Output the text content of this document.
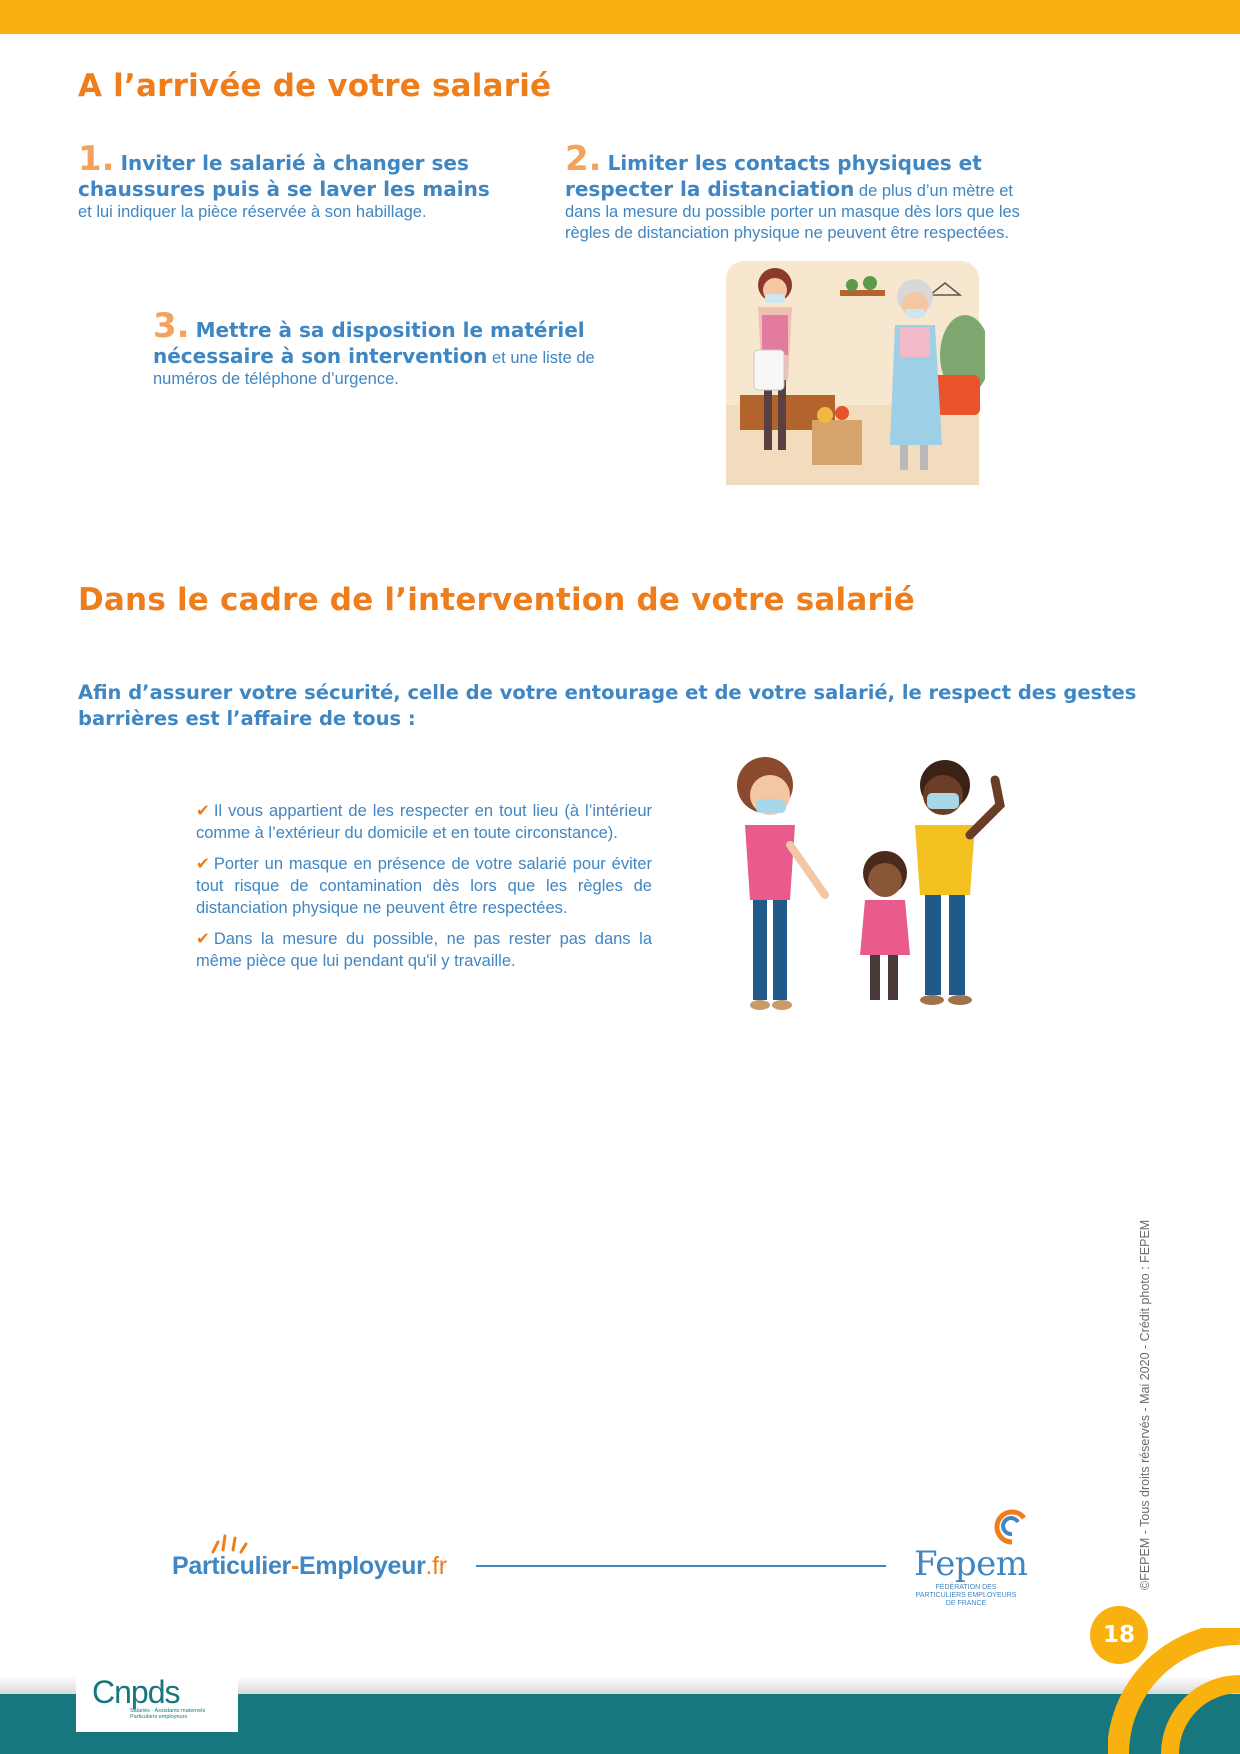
A l’arrivée de votre salarié
1. Inviter le salarié à changer ses chaussures puis à se laver les mains
et lui indiquer la pièce réservée à son habillage.
2. Limiter les contacts physiques et respecter la distanciation de plus d’un mètre et dans la mesure du possible porter un masque dès lors que les règles de distanciation physique ne peuvent être respectées.
3. Mettre à sa disposition le matériel nécessaire à son intervention et une liste de numéros de téléphone d’urgence.
Dans le cadre de l’intervention de votre salarié

Afin d’assurer votre sécurité, celle de votre entourage et de votre salarié, le respect des gestes barrières est l’affaire de tous :

✔ Il vous appartient de les respecter en tout lieu (à l’intérieur comme à l’extérieur du domicile et en toute circonstance).

✔ Porter un masque en présence de votre salarié pour éviter tout risque de contamination dès lors que les règles de distanciation physique ne peuvent être respectées.

✔ Dans la mesure du possible, ne pas rester pas dans la même pièce que lui pendant qu'il y travaille.

Particulier-Employeur.fr	Fepem
FÉDÉRATION DES PARTICULIERS EMPLOYEURS DE FRANCE
©FEPEM - Tous droits réservés - Mai 2020 - Crédit photo : FEPEM
18
Cnpds
Salariés - Assistants maternels Particuliers employeurs
